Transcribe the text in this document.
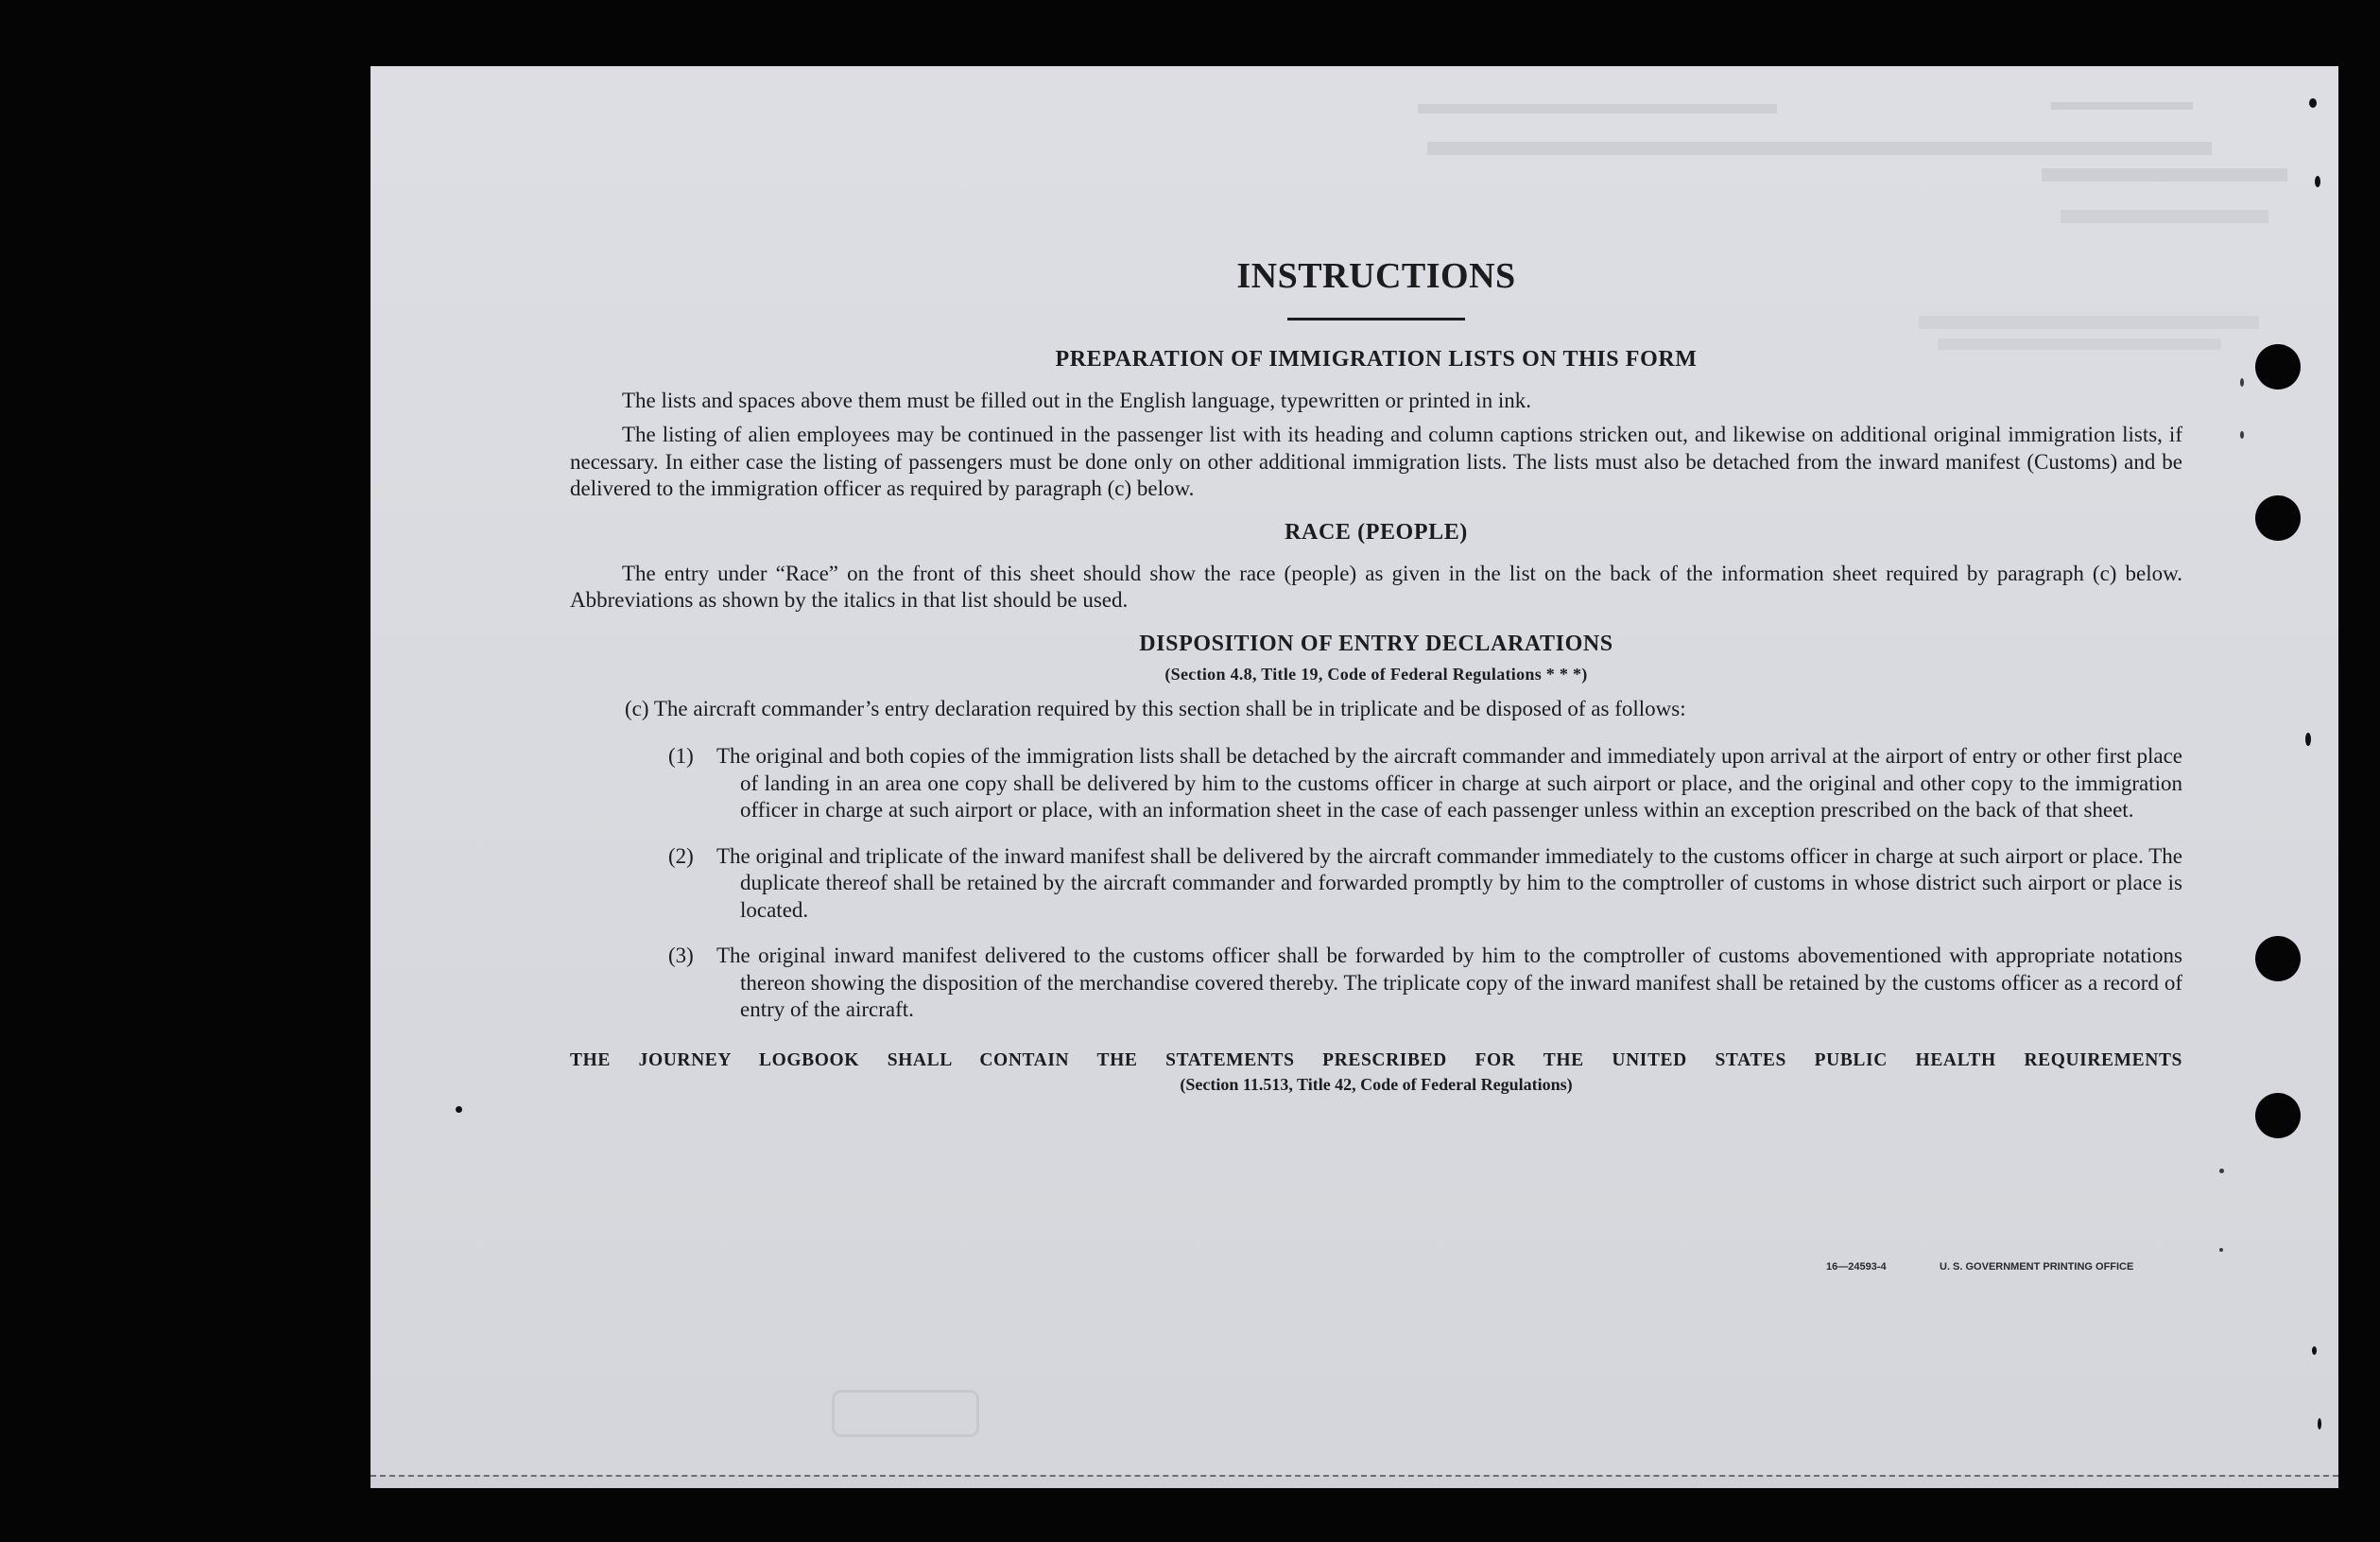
INSTRUCTIONS
PREPARATION OF IMMIGRATION LISTS ON THIS FORM

The lists and spaces above them must be filled out in the English language, typewritten or printed in ink.

The listing of alien employees may be continued in the passenger list with its heading and column captions stricken out, and likewise on additional original immigration lists, if necessary. In either case the listing of passengers must be done only on other additional immigration lists. The lists must also be detached from the inward manifest (Customs) and be delivered to the immigration officer as required by paragraph (c) below.

RACE (PEOPLE)

The entry under “Race” on the front of this sheet should show the race (people) as given in the list on the back of the information sheet required by paragraph (c) below. Abbreviations as shown by the italics in that list should be used.

DISPOSITION OF ENTRY DECLARATIONS

(Section 4.8, Title 19, Code of Federal Regulations * * *)

(c) The aircraft commander’s entry declaration required by this section shall be in triplicate and be disposed of as follows:

(1)	The original and both copies of the immigration lists shall be detached by the aircraft commander and immediately upon arrival at the airport of entry or other first place of landing in an area one copy shall be delivered by him to the customs officer in charge at such airport or place, and the original and other copy to the immigration officer in charge at such airport or place, with an information sheet in the case of each passenger unless within an exception prescribed on the back of that sheet.

(2)	The original and triplicate of the inward manifest shall be delivered by the aircraft commander immediately to the customs officer in charge at such airport or place. The duplicate thereof shall be retained by the aircraft commander and forwarded promptly by him to the comptroller of customs in whose district such airport or place is located.

(3)	The original inward manifest delivered to the customs officer shall be forwarded by him to the comptroller of customs abovementioned with appropriate notations thereon showing the disposition of the merchandise covered thereby. The triplicate copy of the inward manifest shall be retained by the customs officer as a record of entry of the aircraft.

THE JOURNEY LOGBOOK SHALL CONTAIN THE STATEMENTS PRESCRIBED FOR THE UNITED STATES PUBLIC HEALTH REQUIREMENTS

(Section 11.513, Title 42, Code of Federal Regulations)

16—24593-4	U. S. GOVERNMENT PRINTING OFFICE
